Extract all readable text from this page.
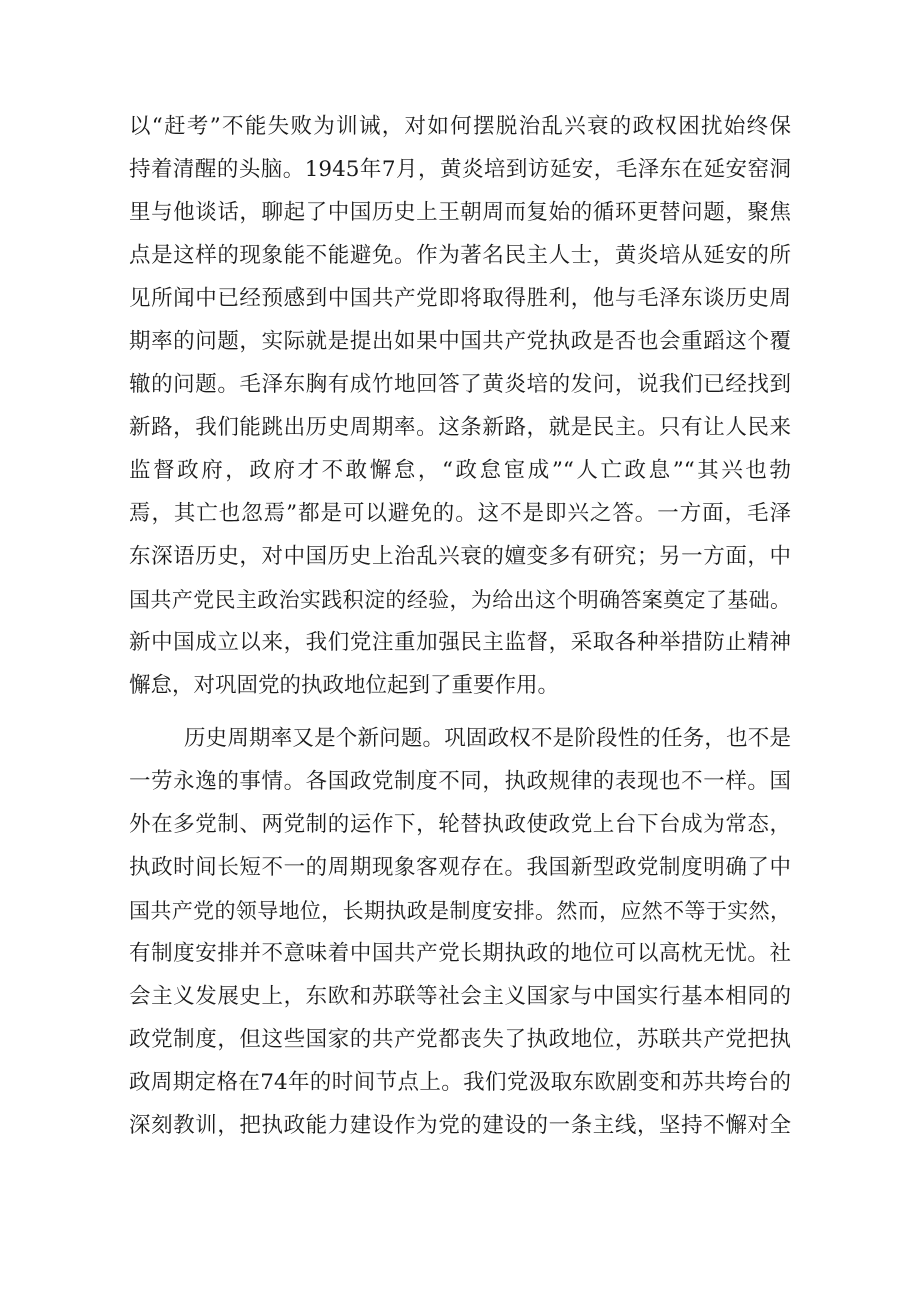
以“赶考”不能失败为训诫，对如何摆脱治乱兴衰的政权困扰始终保
持着清醒的头脑。1945年7月，黄炎培到访延安，毛泽东在延安窑洞
里与他谈话，聊起了中国历史上王朝周而复始的循环更替问题，聚焦
点是这样的现象能不能避免。作为著名民主人士，黄炎培从延安的所
见所闻中已经预感到中国共产党即将取得胜利，他与毛泽东谈历史周
期率的问题，实际就是提出如果中国共产党执政是否也会重蹈这个覆
辙的问题。毛泽东胸有成竹地回答了黄炎培的发问，说我们已经找到
新路，我们能跳出历史周期率。这条新路，就是民主。只有让人民来
监督政府，政府才不敢懈怠，“政怠宦成”“人亡政息”“其兴也勃
焉，其亡也忽焉”都是可以避免的。这不是即兴之答。一方面，毛泽
东深语历史，对中国历史上治乱兴衰的嬗变多有研究；另一方面，中
国共产党民主政治实践积淀的经验，为给出这个明确答案奠定了基础。
新中国成立以来，我们党注重加强民主监督，采取各种举措防止精神
懈怠，对巩固党的执政地位起到了重要作用。
历史周期率又是个新问题。巩固政权不是阶段性的任务，也不是
一劳永逸的事情。各国政党制度不同，执政规律的表现也不一样。国
外在多党制、两党制的运作下，轮替执政使政党上台下台成为常态，
执政时间长短不一的周期现象客观存在。我国新型政党制度明确了中
国共产党的领导地位，长期执政是制度安排。然而，应然不等于实然，
有制度安排并不意味着中国共产党长期执政的地位可以高枕无忧。社
会主义发展史上，东欧和苏联等社会主义国家与中国实行基本相同的
政党制度，但这些国家的共产党都丧失了执政地位，苏联共产党把执
政周期定格在74年的时间节点上。我们党汲取东欧剧变和苏共垮台的
深刻教训，把执政能力建设作为党的建设的一条主线，坚持不懈对全
